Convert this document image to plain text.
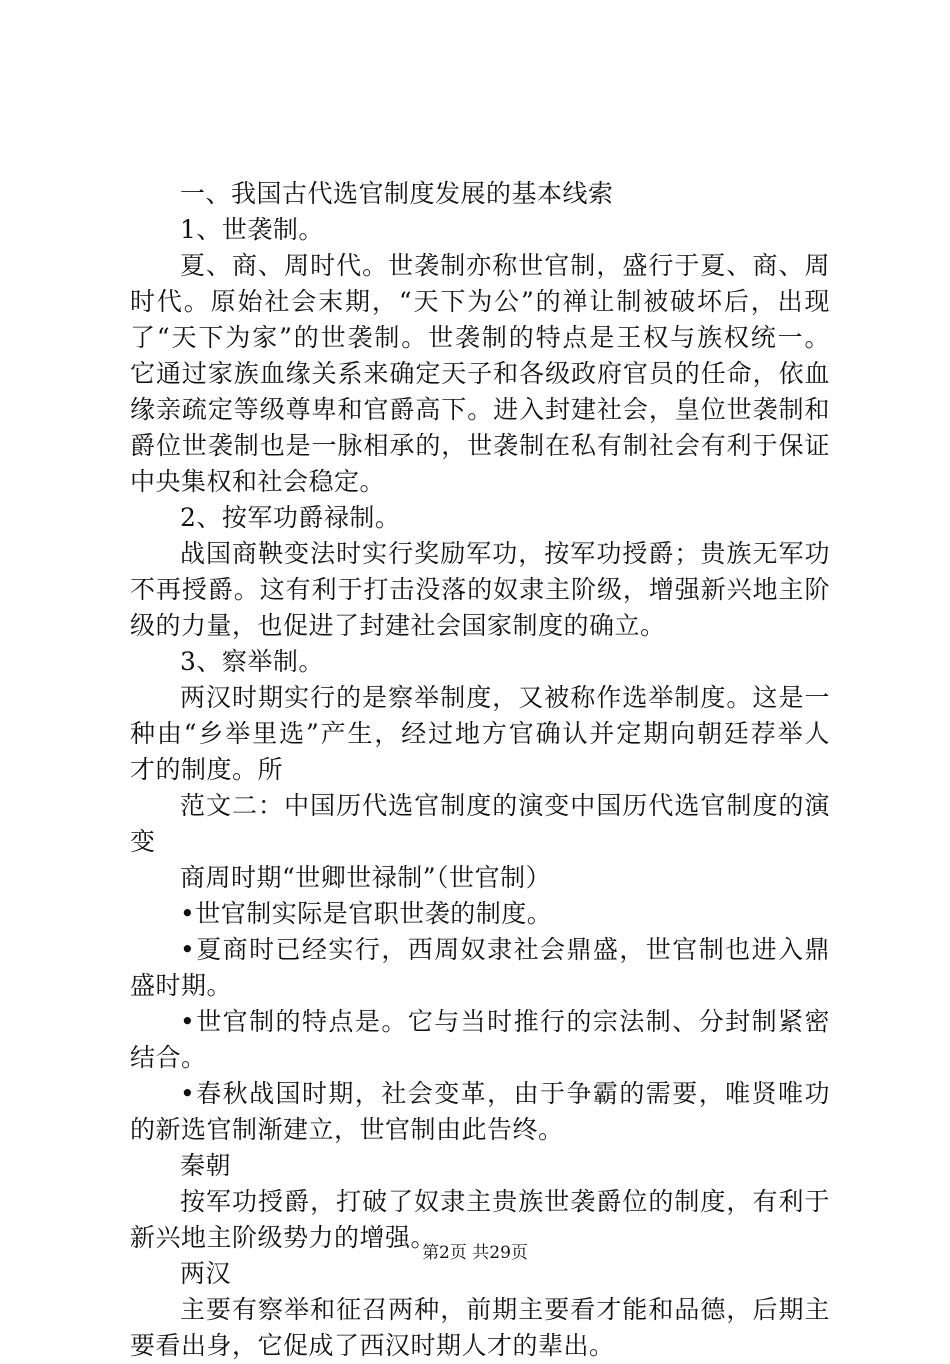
一、我国古代选官制度发展的基本线索
1、世袭制。
夏、商、周时代。世袭制亦称世官制，盛行于夏、商、周
时代。原始社会末期，“天下为公”的禅让制被破坏后，出现
了“天下为家”的世袭制。世袭制的特点是王权与族权统一。
它通过家族血缘关系来确定天子和各级政府官员的任命，依血
缘亲疏定等级尊卑和官爵高下。进入封建社会，皇位世袭制和
爵位世袭制也是一脉相承的，世袭制在私有制社会有利于保证
中央集权和社会稳定。
2、按军功爵禄制。
战国商鞅变法时实行奖励军功，按军功授爵；贵族无军功
不再授爵。这有利于打击没落的奴隶主阶级，增强新兴地主阶
级的力量，也促进了封建社会国家制度的确立。
3、察举制。
两汉时期实行的是察举制度，又被称作选举制度。这是一
种由“乡举里选”产生，经过地方官确认并定期向朝廷荐举人
才的制度。所
范文二：中国历代选官制度的演变中国历代选官制度的演
变
商周时期“世卿世禄制”（世官制）
•世官制实际是官职世袭的制度。
•夏商时已经实行，西周奴隶社会鼎盛，世官制也进入鼎
盛时期。
•世官制的特点是。它与当时推行的宗法制、分封制紧密
结合。
•春秋战国时期，社会变革，由于争霸的需要，唯贤唯功
的新选官制渐建立，世官制由此告终。
秦朝
按军功授爵，打破了奴隶主贵族世袭爵位的制度，有利于
新兴地主阶级势力的增强。
两汉
主要有察举和征召两种，前期主要看才能和品德，后期主
要看出身，它促成了西汉时期人才的辈出。
第2页 共29页
